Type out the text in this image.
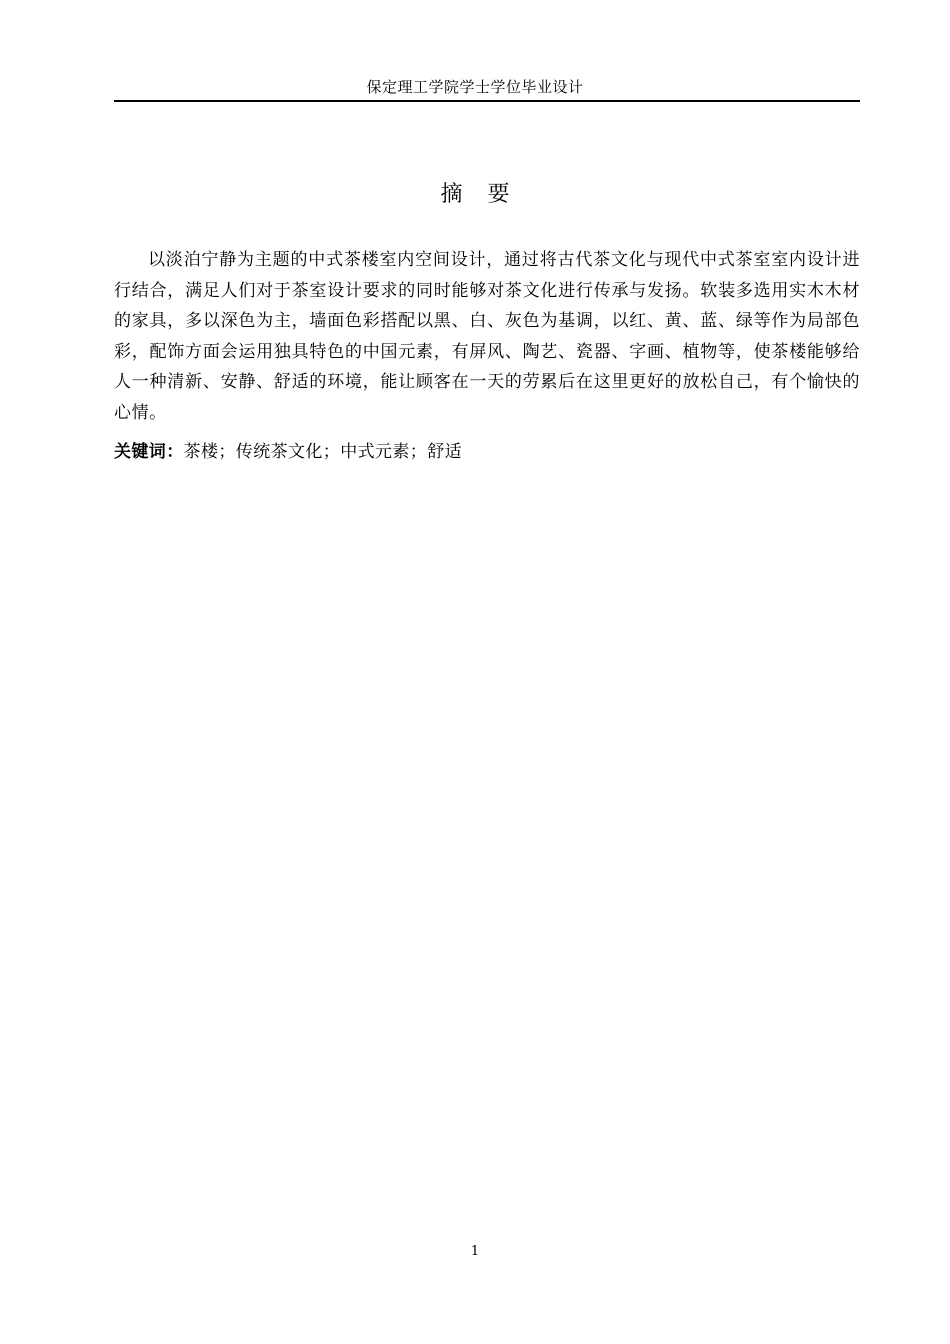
保定理工学院学士学位毕业设计
摘 要

以淡泊宁静为主题的中式茶楼室内空间设计，通过将古代茶文化与现代中式茶室室内设计进行结合，满足人们对于茶室设计要求的同时能够对茶文化进行传承与发扬。软装多选用实木木材的家具，多以深色为主，墙面色彩搭配以黑、白、灰色为基调，以红、黄、蓝、绿等作为局部色彩，配饰方面会运用独具特色的中国元素，有屏风、陶艺、瓷器、字画、植物等，使茶楼能够给人一种清新、安静、舒适的环境，能让顾客在一天的劳累后在这里更好的放松自己，有个愉快的心情。

关键词：茶楼；传统茶文化；中式元素；舒适
1
